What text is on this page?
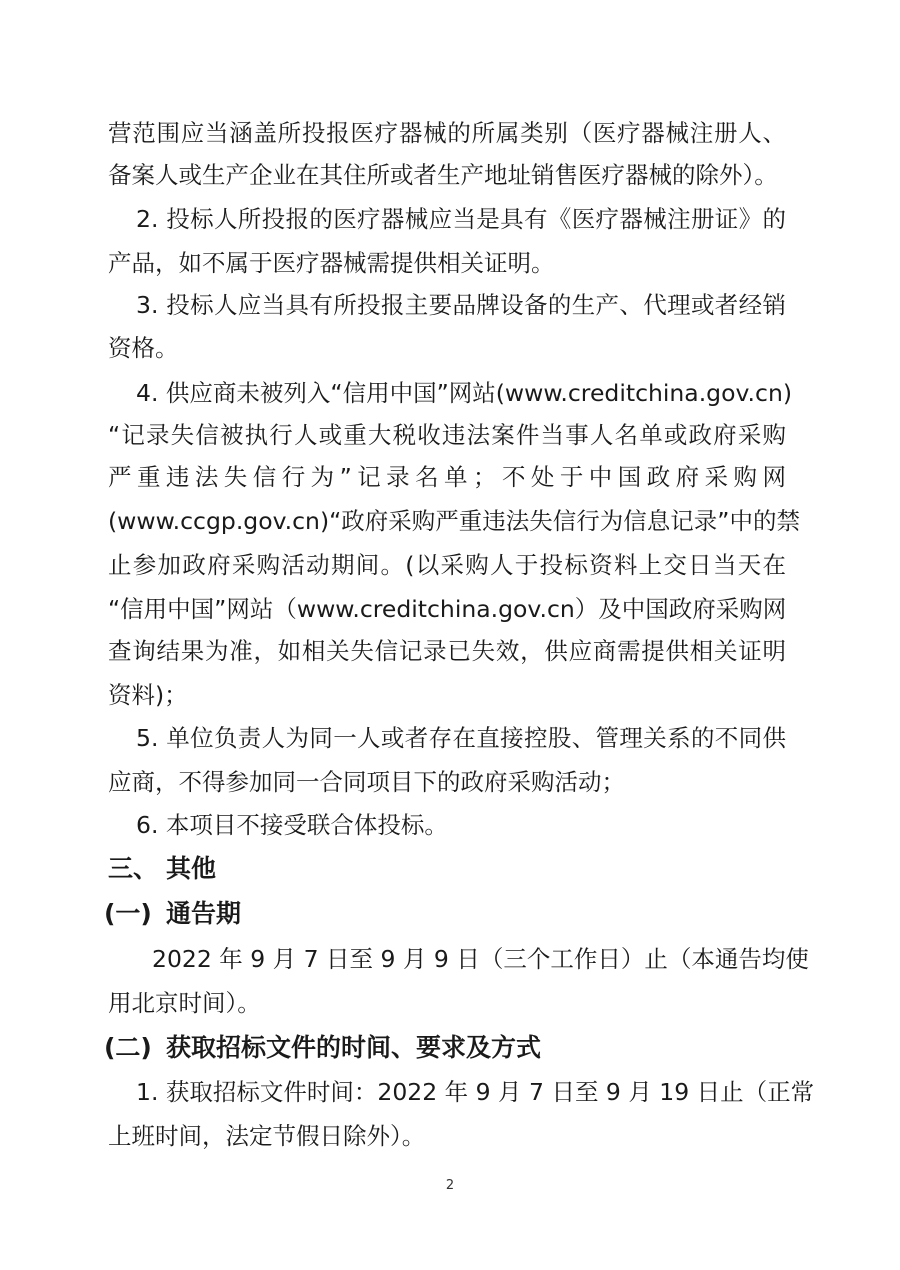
营范围应当涵盖所投报医疗器械的所属类别（医疗器械注册人、
备案人或生产企业在其住所或者生产地址销售医疗器械的除外）。
2. 投标人所投报的医疗器械应当是具有《医疗器械注册证》的
产品，如不属于医疗器械需提供相关证明。
3. 投标人应当具有所投报主要品牌设备的生产、代理或者经销
资格。
4. 供应商未被列入“信用中国”网站(www.creditchina.gov.cn)
“记录失信被执行人或重大税收违法案件当事人名单或政府采购
严重违法失信行为”记录名单；不处于中国政府采购网
(www.ccgp.gov.cn)“政府采购严重违法失信行为信息记录”中的禁
止参加政府采购活动期间。(以采购人于投标资料上交日当天在
“信用中国”网站（www.creditchina.gov.cn）及中国政府采购网
查询结果为准，如相关失信记录已失效，供应商需提供相关证明
资料)；
5. 单位负责人为同一人或者存在直接控股、管理关系的不同供
应商，不得参加同一合同项目下的政府采购活动；
6. 本项目不接受联合体投标。
三、 其他
(一) 通告期
2022 年 9 月 7 日至 9 月 9 日（三个工作日）止（本通告均使
用北京时间）。
(二) 获取招标文件的时间、要求及方式
1. 获取招标文件时间：2022 年 9 月 7 日至 9 月 19 日止（正常
上班时间，法定节假日除外）。
2
